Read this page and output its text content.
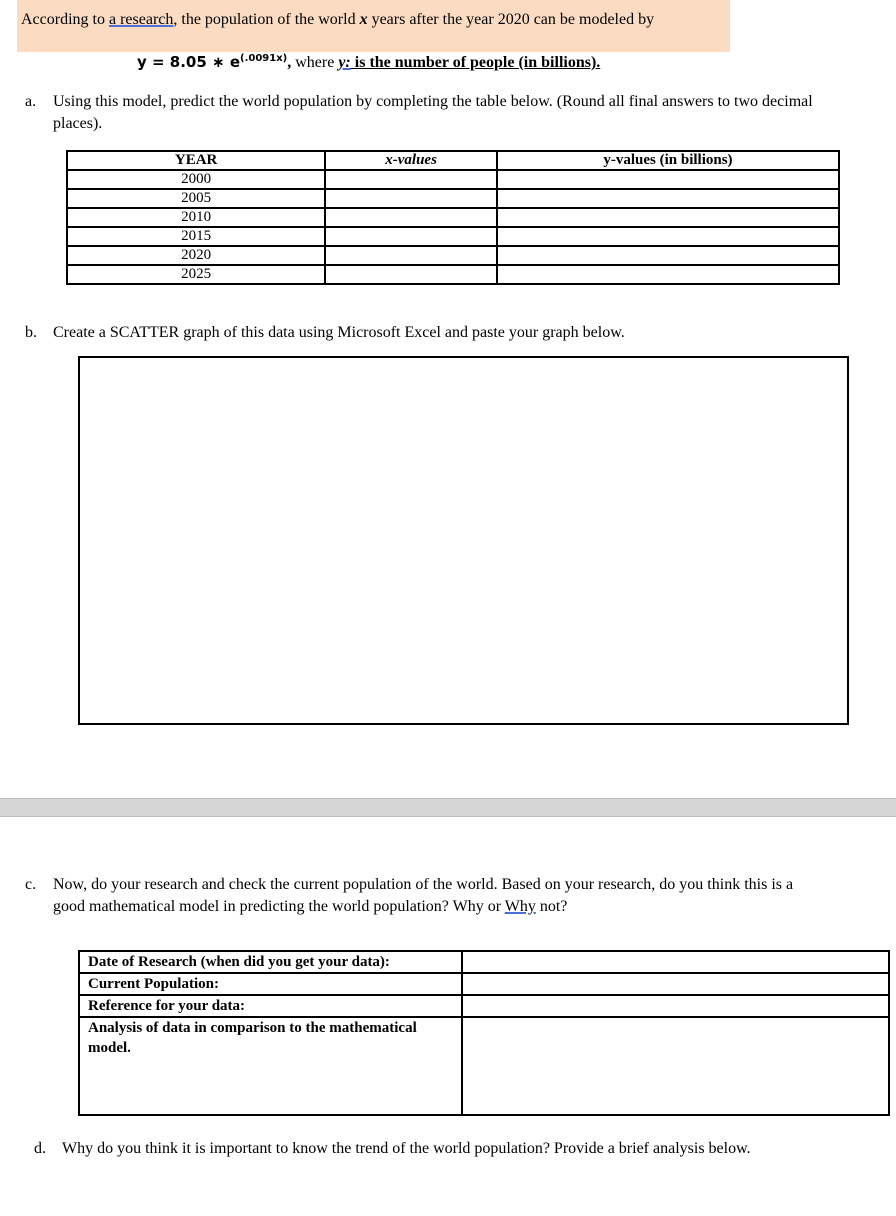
According to a research, the population of the world x years after the year 2020 can be modeled by
y = 8.05 ∗ $e^{(.0091x)}$, where y: is the number of people (in billions).
a. Using this model, predict the world population by completing the table below. (Round all final answers to two decimal places).
YEAR	x-values	y-values (in billions)
2000		
2005		
2010		
2015		
2020		
2025		
b. Create a SCATTER graph of this data using Microsoft Excel and paste your graph below.
c. Now, do your research and check the current population of the world. Based on your research, do you think this is a
good mathematical model in predicting the world population? Why or Why not?
Date of Research (when did you get your data):	
Current Population:	
Reference for your data:	
Analysis of data in comparison to the mathematical model.	
d. Why do you think it is important to know the trend of the world population? Provide a brief analysis below.
